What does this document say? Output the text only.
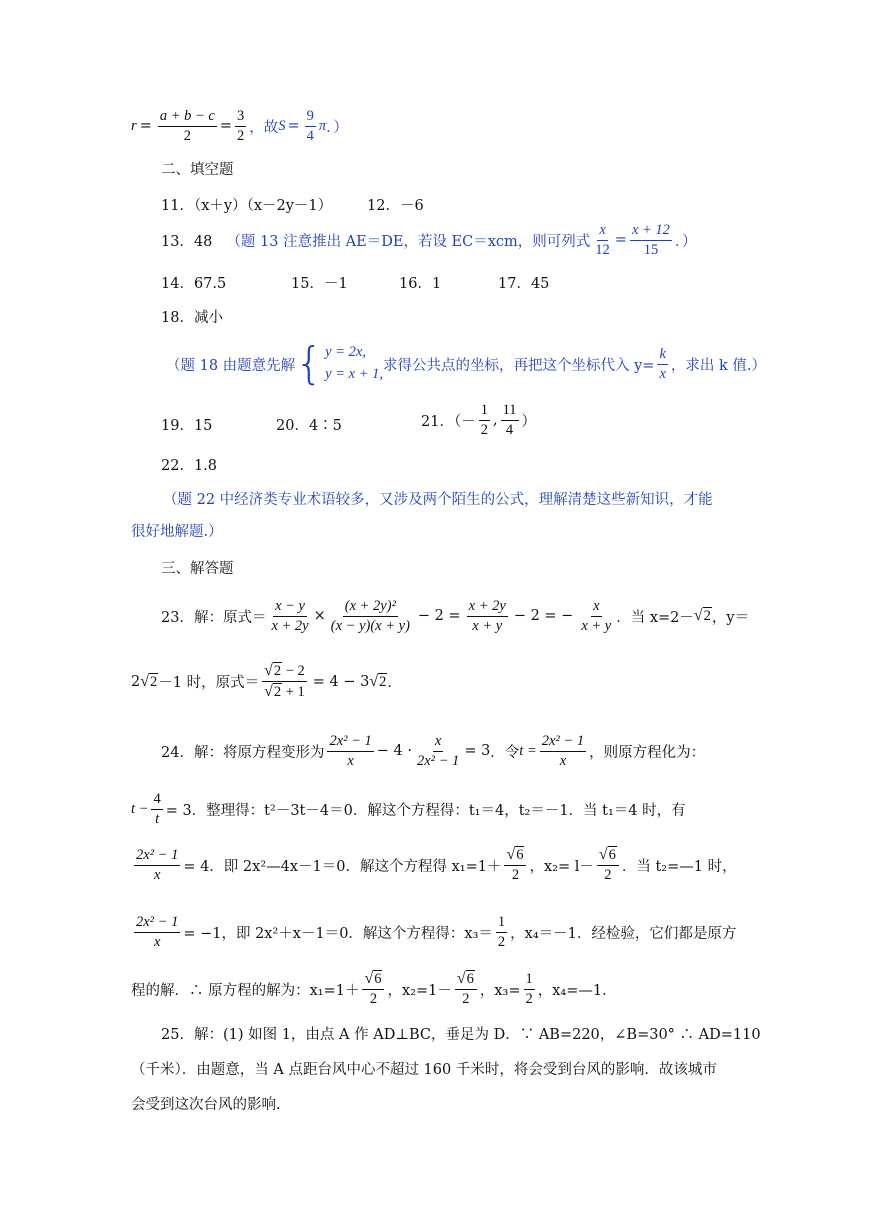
$r = \frac{a + b - c}{2} = \frac{3}{2}$ ，故 $S = \frac{9}{4}$ π ．）
二、填空题
11．（x＋y）（x－2y－1） 12．－6
13．48 （题 13 注意推出 AE＝DE，若设 EC＝xcm，则可列式 $\frac{x}{12} = \frac{x + 12}{15}$ ．）
14．67.5	15．－1	16．1	17．45
18．减小
（题 18 由题意先解 { y = 2x,
y = x + 1,
求得公共点的坐标，再把这个坐标代入 $y= \frac{k}{x}$ ，求出 k 值.）
19．15	20．4∶5	21．（－ $\frac{1}{2}$ , $\frac{11}{4}$ ）
22．1.8
（题 22 中经济类专业术语较多，又涉及两个陌生的公式，理解清楚这些新知识，才能
很好地解题.）
三、解答题
23．解：原式＝ $\frac{x - y}{x + 2y} \times \frac{\text{(x + 2y)²}}{(x - y)(x + y)} - 2 = \frac{x + 2y}{x + y} - 2$ = − $\frac{x}{x + y}$ ．当 x=2－ √ 2 ，y＝
2 √ 2 －1 时，原式＝ $\frac{√ 2 - 2}{√ 2 + 1} = 4 - 3$ √ 2 ．
24．解：将原方程变形为 $\frac{\text{2x² − 1}}{x} - 4 \cdot \frac{x}{\text{2x² − 1}} = 3$ ．令 $t = \frac{\text{2x² − 1}}{x}$ ，则原方程化为：
$t - \frac{4}{t} = 3$．整理得：t²－3t－4＝0．解这个方程得：t₁＝4，t₂＝－1．当 t₁＝4 时，有
$\frac{\text{2x² − 1}}{x} = 4$．即 2x²—4x－1＝0．解这个方程得 $x_1=1+ \frac{√ 6}{2}$ ，$x_2= l- \frac{√ 6}{2}$ ．当 t₂=—1 时，
$\frac{\text{2x² − 1}}{x} = -1$，即 2x²＋x－1＝0．解这个方程得：$x_3= \frac{1}{2}$ ，x₄＝－1．经检验，它们都是原方
程的解．∴ 原方程的解为：$x_1=1+ \frac{√ 6}{2}$ ，$x_2=1- \frac{√ 6}{2}$ ，$x_3= \frac{1}{2}$ ，x₄=—1．
25．解：(1) 如图 1，由点 A 作 AD⊥BC，垂足为 D．∵ AB=220，∠B=30° ∴ AD=110
（千米）．由题意，当 A 点距台风中心不超过 160 千米时，将会受到台风的影响．故该城市
会受到这次台风的影响.
